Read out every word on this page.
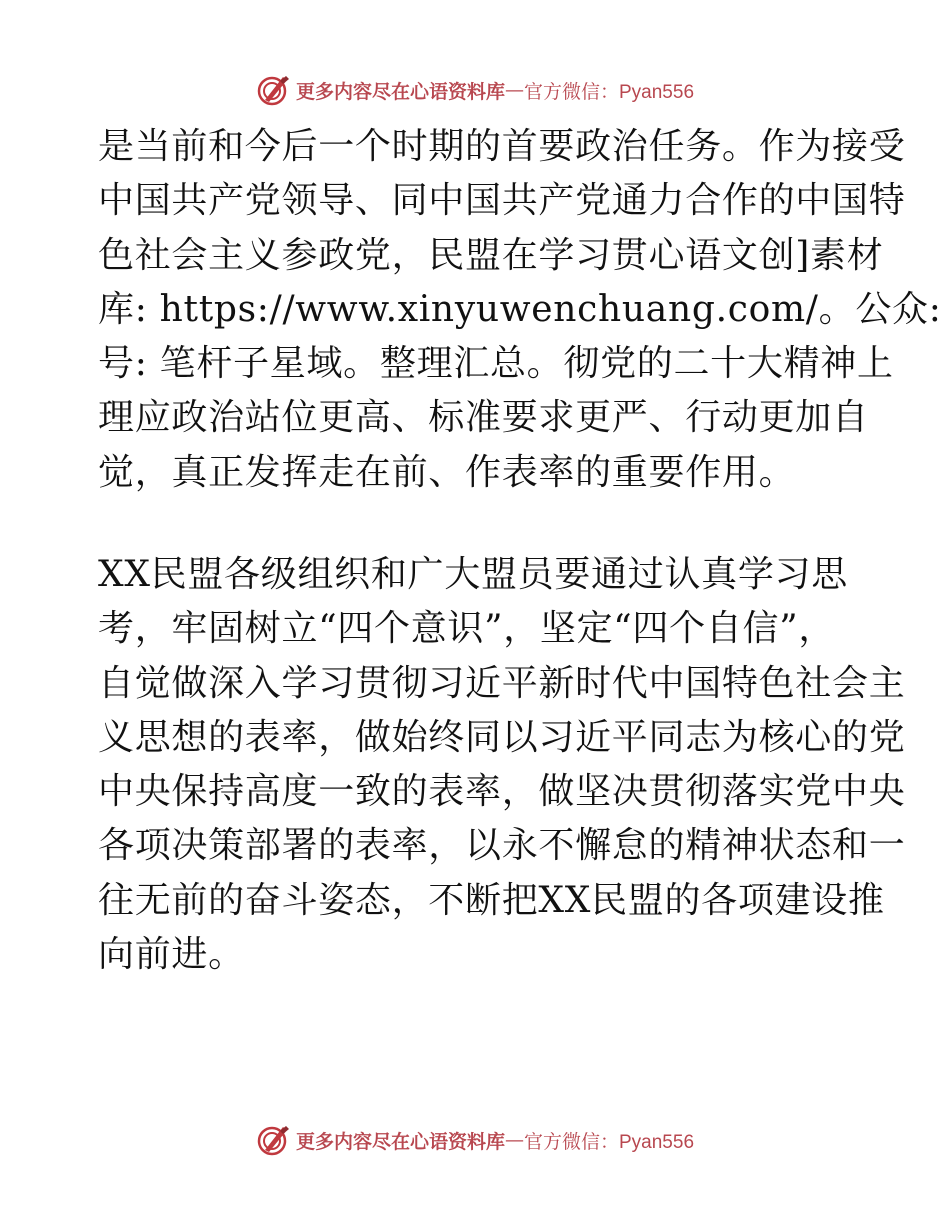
更多内容尽在心语资料库 — 官方微信：Pyan556
是当前和今后一个时期的首要政治任务。作为接受
中国共产党领导、同中国共产党通力合作的中国特
色社会主义参政党，民盟在学习贯心语文创]素材
库: https://www.xinyuwenchuang.com/。公众:
号: 笔杆子星域。整理汇总。彻党的二十大精神上
理应政治站位更高、标准要求更严、行动更加自
觉，真正发挥走在前、作表率的重要作用。
XX民盟各级组织和广大盟员要通过认真学习思
考，牢固树立“四个意识”，坚定“四个自信”，
自觉做深入学习贯彻习近平新时代中国特色社会主
义思想的表率，做始终同以习近平同志为核心的党
中央保持高度一致的表率，做坚决贯彻落实党中央
各项决策部署的表率，以永不懈怠的精神状态和一
往无前的奋斗姿态，不断把XX民盟的各项建设推
向前进。
更多内容尽在心语资料库 — 官方微信：Pyan556
